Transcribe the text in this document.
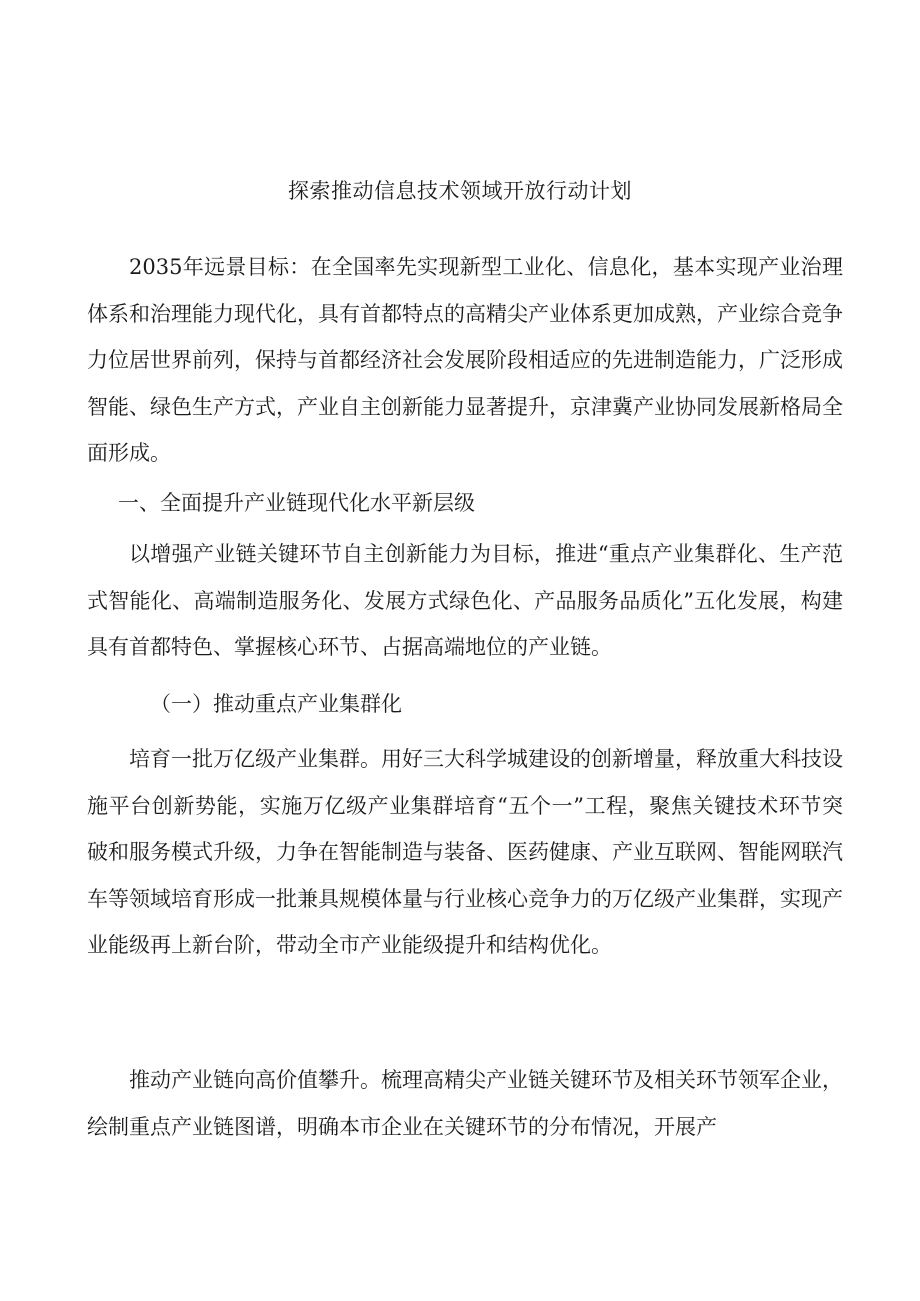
探索推动信息技术领域开放行动计划

2035年远景目标：在全国率先实现新型工业化、信息化，基本实现产业治理体系和治理能力现代化，具有首都特点的高精尖产业体系更加成熟，产业综合竞争力位居世界前列，保持与首都经济社会发展阶段相适应的先进制造能力，广泛形成智能、绿色生产方式，产业自主创新能力显著提升，京津冀产业协同发展新格局全面形成。

一、全面提升产业链现代化水平新层级

以增强产业链关键环节自主创新能力为目标，推进“重点产业集群化、生产范式智能化、高端制造服务化、发展方式绿色化、产品服务品质化”五化发展，构建具有首都特色、掌握核心环节、占据高端地位的产业链。

（一）推动重点产业集群化

培育一批万亿级产业集群。用好三大科学城建设的创新增量，释放重大科技设施平台创新势能，实施万亿级产业集群培育“五个一”工程，聚焦关键技术环节突破和服务模式升级，力争在智能制造与装备、医药健康、产业互联网、智能网联汽车等领域培育形成一批兼具规模体量与行业核心竞争力的万亿级产业集群，实现产业能级再上新台阶，带动全市产业能级提升和结构优化。

推动产业链向高价值攀升。梳理高精尖产业链关键环节及相关环节领军企业，绘制重点产业链图谱，明确本市企业在关键环节的分布情况，开展产
